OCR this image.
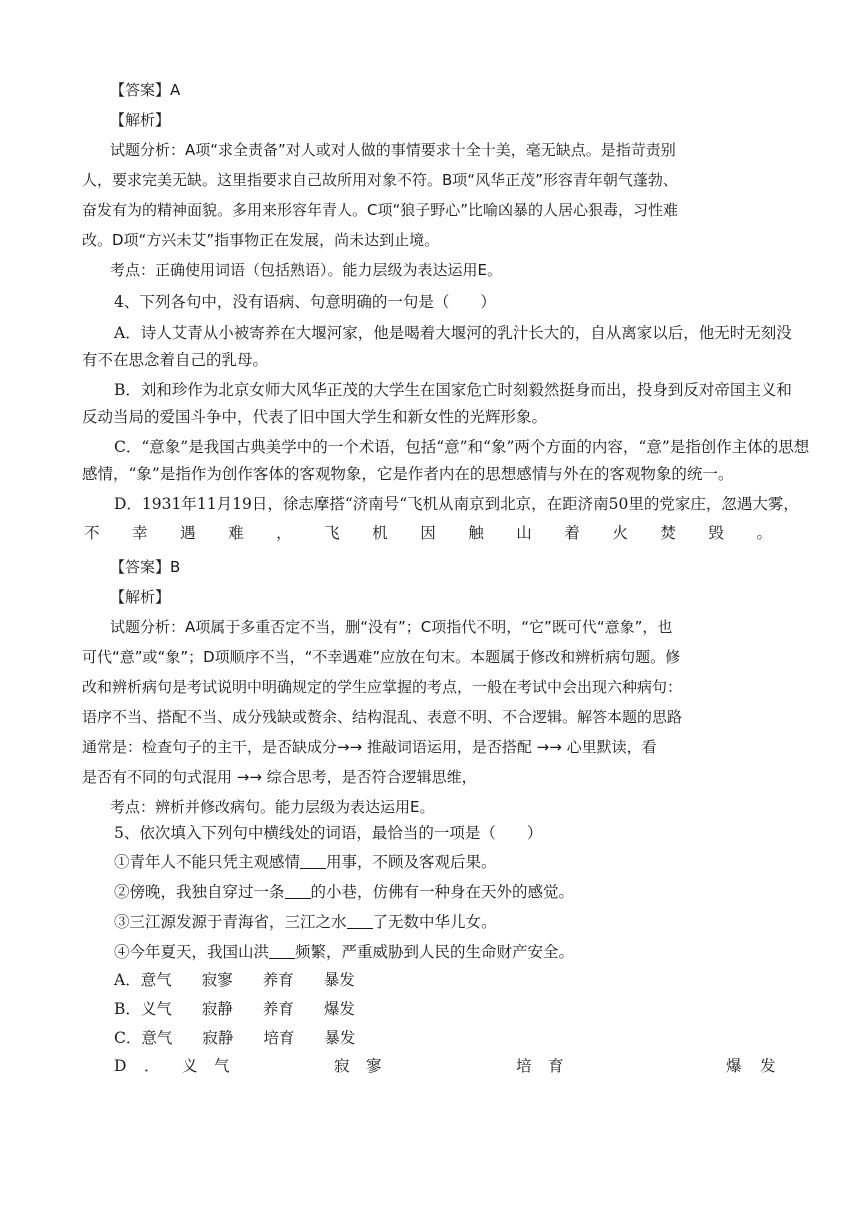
【答案】A
【解析】
试题分析：A项“求全责备”对人或对人做的事情要求十全十美，毫无缺点。是指苛责别
人，要求完美无缺。这里指要求自己故所用对象不符。B项“风华正茂”形容青年朝气蓬勃、
奋发有为的精神面貌。多用来形容年青人。C项“狼子野心”比喻凶暴的人居心狠毒，习性难
改。D项“方兴未艾”指事物正在发展，尚未达到止境。
考点：正确使用词语（包括熟语）。能力层级为表达运用E。
4、下列各句中，没有语病、句意明确的一句是（　　）
A．诗人艾青从小被寄养在大堰河家，他是喝着大堰河的乳汁长大的，自从离家以后，他无时无刻没
有不在思念着自己的乳母。
B．刘和珍作为北京女师大风华正茂的大学生在国家危亡时刻毅然挺身而出，投身到反对帝国主义和
反动当局的爱国斗争中，代表了旧中国大学生和新女性的光辉形象。
C．“意象”是我国古典美学中的一个术语，包括“意”和“象”两个方面的内容，“意”是指创作主体的思想
感情，“象”是指作为创作客体的客观物象，它是作者内在的思想感情与外在的客观物象的统一。
D．1931年11月19日，徐志摩搭“济南号“飞机从南京到北京，在距济南50里的党家庄，忽遇大雾，
不 幸 遇 难 ， 飞 机 因 触 山 着 火 焚 毁 。
【答案】B
【解析】
试题分析：A项属于多重否定不当，删“没有”；C项指代不明，“它”既可代“意象”，也
可代“意”或“象”；D项顺序不当，“不幸遇难”应放在句末。本题属于修改和辨析病句题。修
改和辨析病句是考试说明中明确规定的学生应掌握的考点，一般在考试中会出现六种病句：
语序不当、搭配不当、成分残缺或赘余、结构混乱、表意不明、不合逻辑。解答本题的思路
通常是：检查句子的主干，是否缺成分→→ 推敲词语运用，是否搭配 →→ 心里默读，看
是否有不同的句式混用 →→ 综合思考，是否符合逻辑思维，
考点：辨析并修改病句。能力层级为表达运用E。
5、依次填入下列句中横线处的词语，最恰当的一项是（　　）
①青年人不能只凭主观感情 用事，不顾及客观后果。
②傍晚，我独自穿过一条 的小巷，仿佛有一种身在天外的感觉。
③三江源发源于青海省，三江之水 了无数中华儿女。
④今年夏天，我国山洪 频繁，严重威胁到人民的生命财产安全。
A．意气 寂寥 养育 暴发
B．义气 寂静 养育 爆发
C．意气 寂静 培育 暴发
D ． 义 气	寂 寥	培 育	爆 发
